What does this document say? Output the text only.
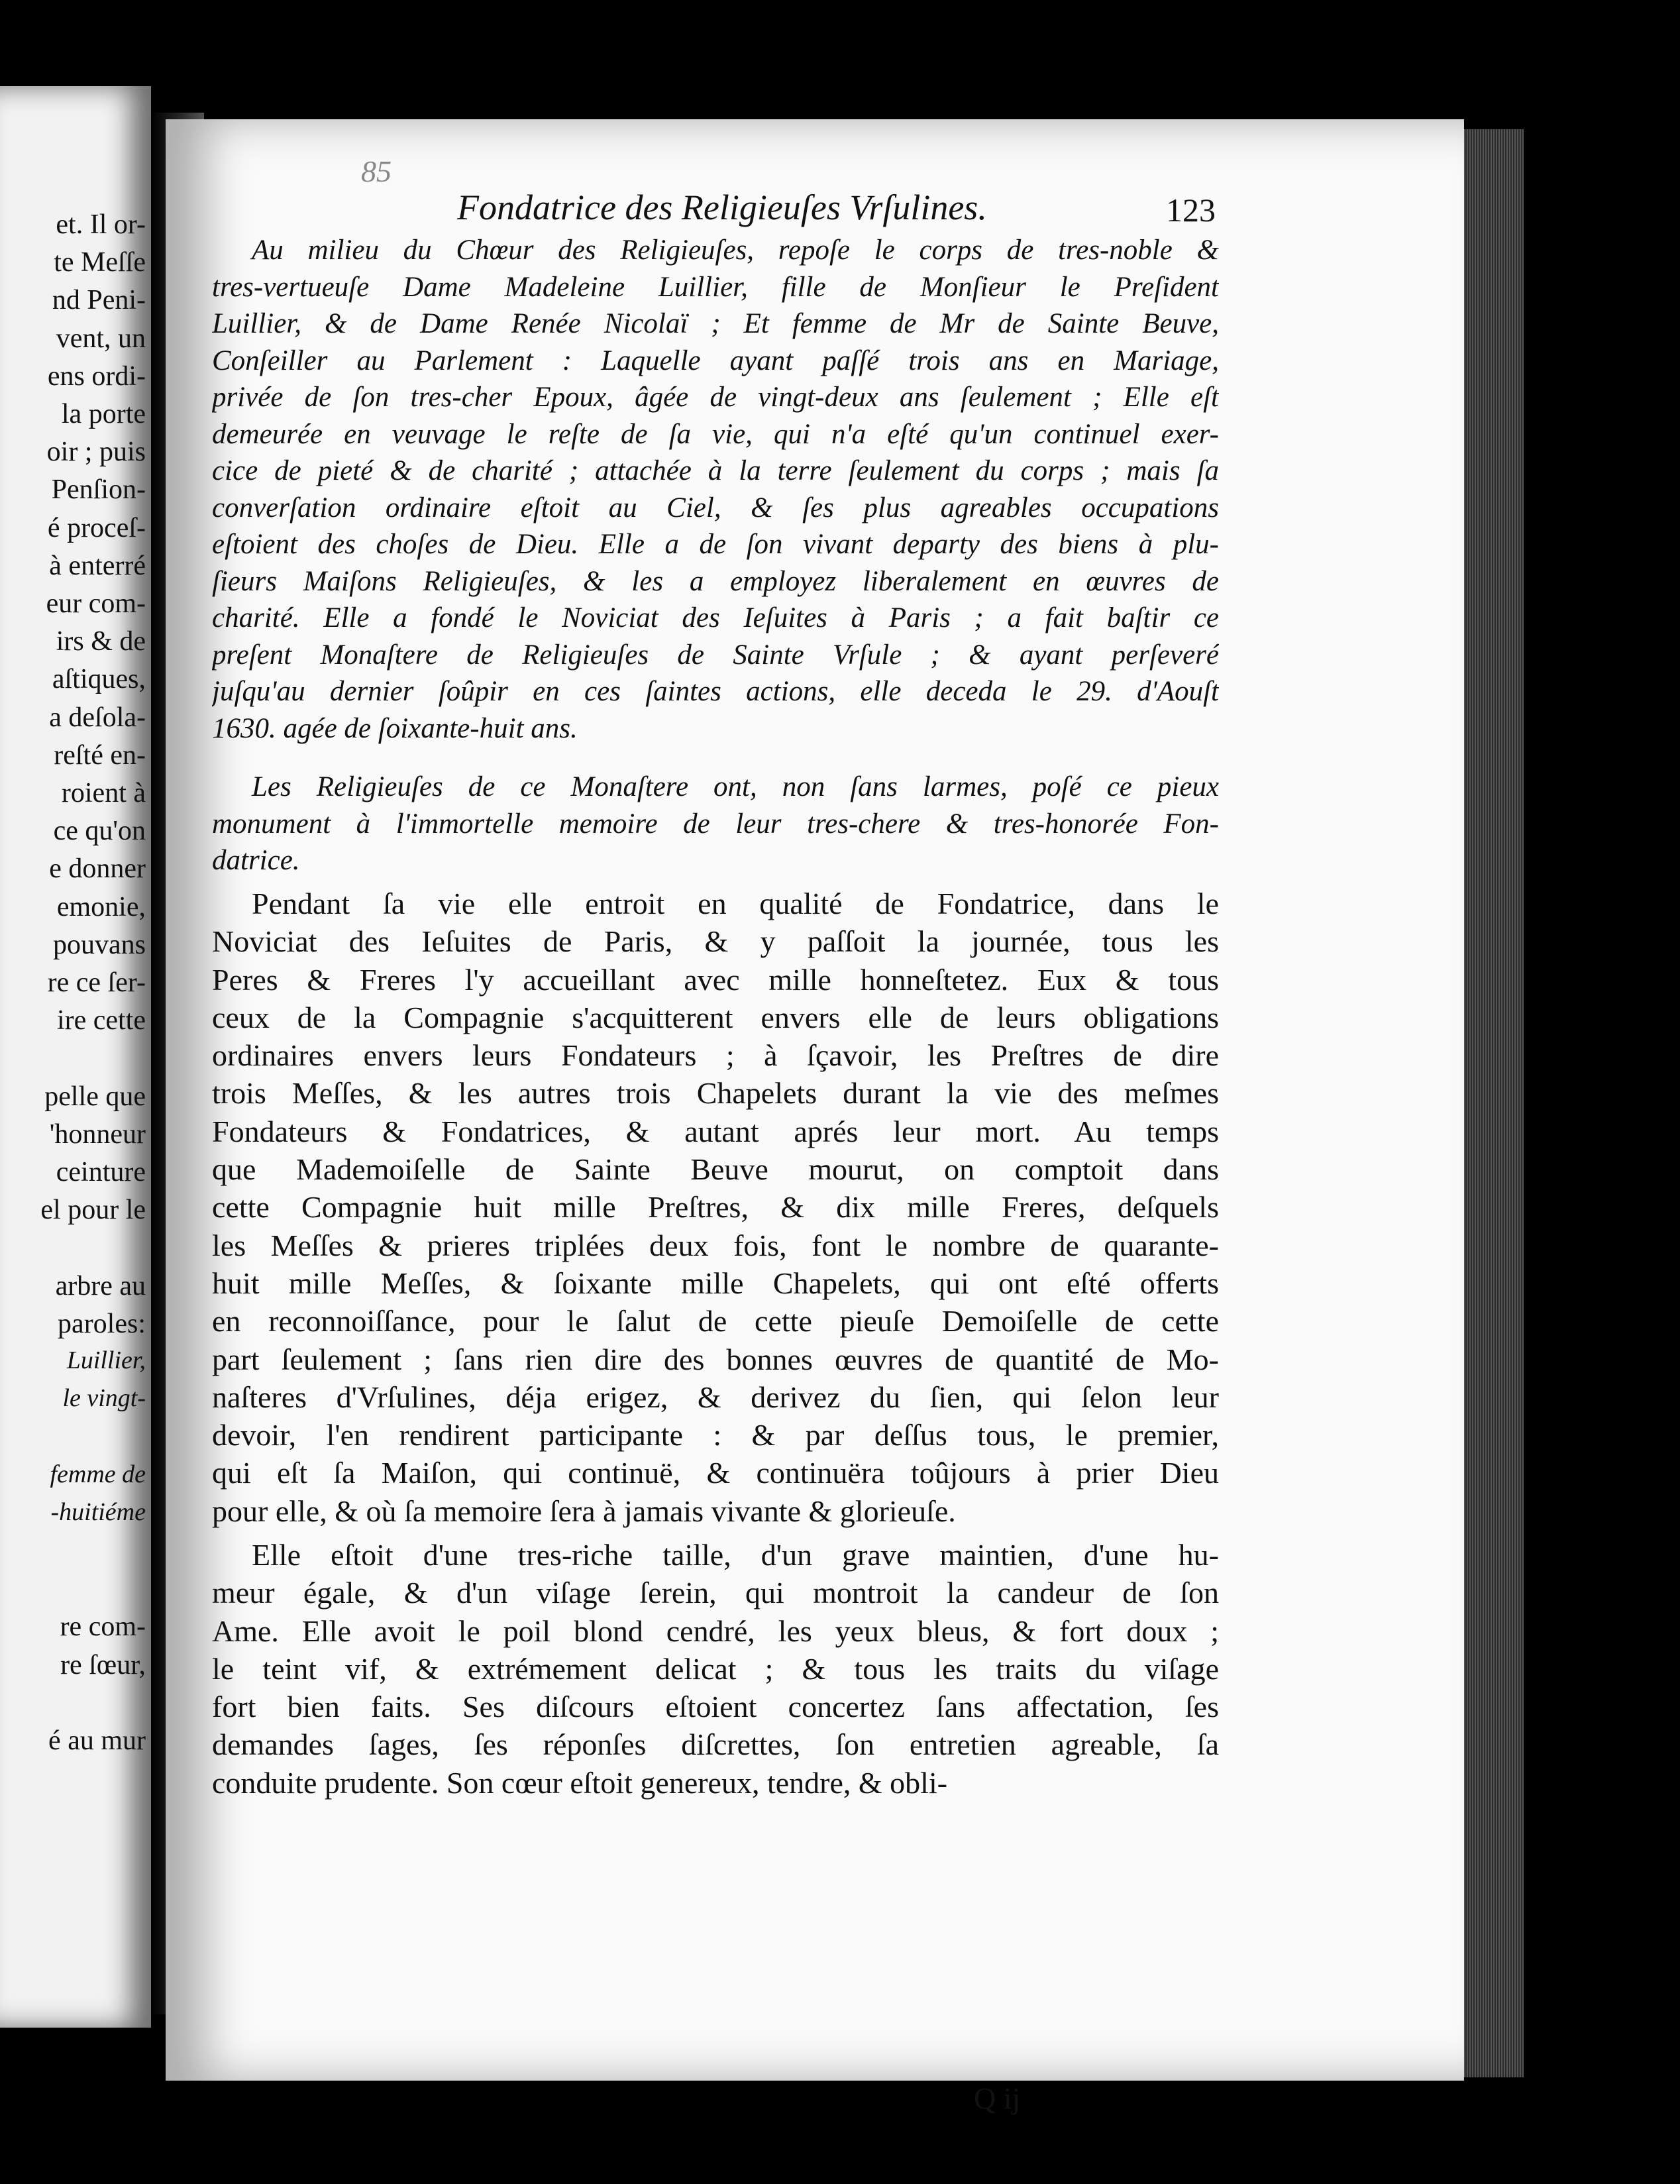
et. Il or-
te Meſſe
nd Peni-
vent, un
ens ordi-
la porte
oir ; puis
Penſion-
é proceſ-
à enterré
eur com-
irs & de
aſtiques,
a deſola-
reſté en-
roient à
ce qu'on
e donner
emonie,
pouvans
re ce ſer-
ire cette
pelle que
'honneur
ceinture
el pour le
arbre au
paroles:
Luillier,
le vingt-
femme de
-huitiéme
re com-
re ſœur,
é au mur
85
Fondatrice des Religieuſes Vrſulines.	123
Au milieu du Chœur des Religieuſes, repoſe le corps de tres-noble &
tres-vertueuſe Dame Madeleine Luillier, fille de Monſieur le Preſident
Luillier, & de Dame Renée Nicolaï ; Et femme de Mr de Sainte Beuve,
Conſeiller au Parlement : Laquelle ayant paſſé trois ans en Mariage,
privée de ſon tres-cher Epoux, âgée de vingt-deux ans ſeulement ; Elle eſt
demeurée en veuvage le reſte de ſa vie, qui n'a eſté qu'un continuel exer-
cice de pieté & de charité ; attachée à la terre ſeulement du corps ; mais ſa
converſation ordinaire eſtoit au Ciel, & ſes plus agreables occupations
eſtoient des choſes de Dieu. Elle a de ſon vivant departy des biens à plu-
ſieurs Maiſons Religieuſes, & les a employez liberalement en œuvres de
charité. Elle a fondé le Noviciat des Ieſuites à Paris ; a fait baſtir ce
preſent Monaſtere de Religieuſes de Sainte Vrſule ; & ayant perſeveré
juſqu'au dernier ſoûpir en ces ſaintes actions, elle deceda le 29. d'Aouſt
1630. agée de ſoixante-huit ans.
Les Religieuſes de ce Monaſtere ont, non ſans larmes, poſé ce pieux
monument à l'immortelle memoire de leur tres-chere & tres-honorée Fon-
datrice.
Pendant ſa vie elle entroit en qualité de Fondatrice, dans le
Noviciat des Ieſuites de Paris, & y paſſoit la journée, tous les
Peres & Freres l'y accueillant avec mille honneſtetez. Eux & tous
ceux de la Compagnie s'acquitterent envers elle de leurs obligations
ordinaires envers leurs Fondateurs ; à ſçavoir, les Preſtres de dire
trois Meſſes, & les autres trois Chapelets durant la vie des meſmes
Fondateurs & Fondatrices, & autant aprés leur mort. Au temps
que Mademoiſelle de Sainte Beuve mourut, on comptoit dans
cette Compagnie huit mille Preſtres, & dix mille Freres, deſquels
les Meſſes & prieres triplées deux fois, font le nombre de quarante-
huit mille Meſſes, & ſoixante mille Chapelets, qui ont eſté offerts
en reconnoiſſance, pour le ſalut de cette pieuſe Demoiſelle de cette
part ſeulement ; ſans rien dire des bonnes œuvres de quantité de Mo-
naſteres d'Vrſulines, déja erigez, & derivez du ſien, qui ſelon leur
devoir, l'en rendirent participante : & par deſſus tous, le premier,
qui eſt ſa Maiſon, qui continuë, & continuëra toûjours à prier Dieu
pour elle, & où ſa memoire ſera à jamais vivante & glorieuſe.
Elle eſtoit d'une tres-riche taille, d'un grave maintien, d'une hu-
meur égale, & d'un viſage ſerein, qui montroit la candeur de ſon
Ame. Elle avoit le poil blond cendré, les yeux bleus, & fort doux ;
le teint vif, & extrémement delicat ; & tous les traits du viſage
fort bien faits. Ses diſcours eſtoient concertez ſans affectation, ſes
demandes ſages, ſes réponſes diſcrettes, ſon entretien agreable, ſa
conduite prudente. Son cœur eſtoit genereux, tendre, & obli-
Q ij
